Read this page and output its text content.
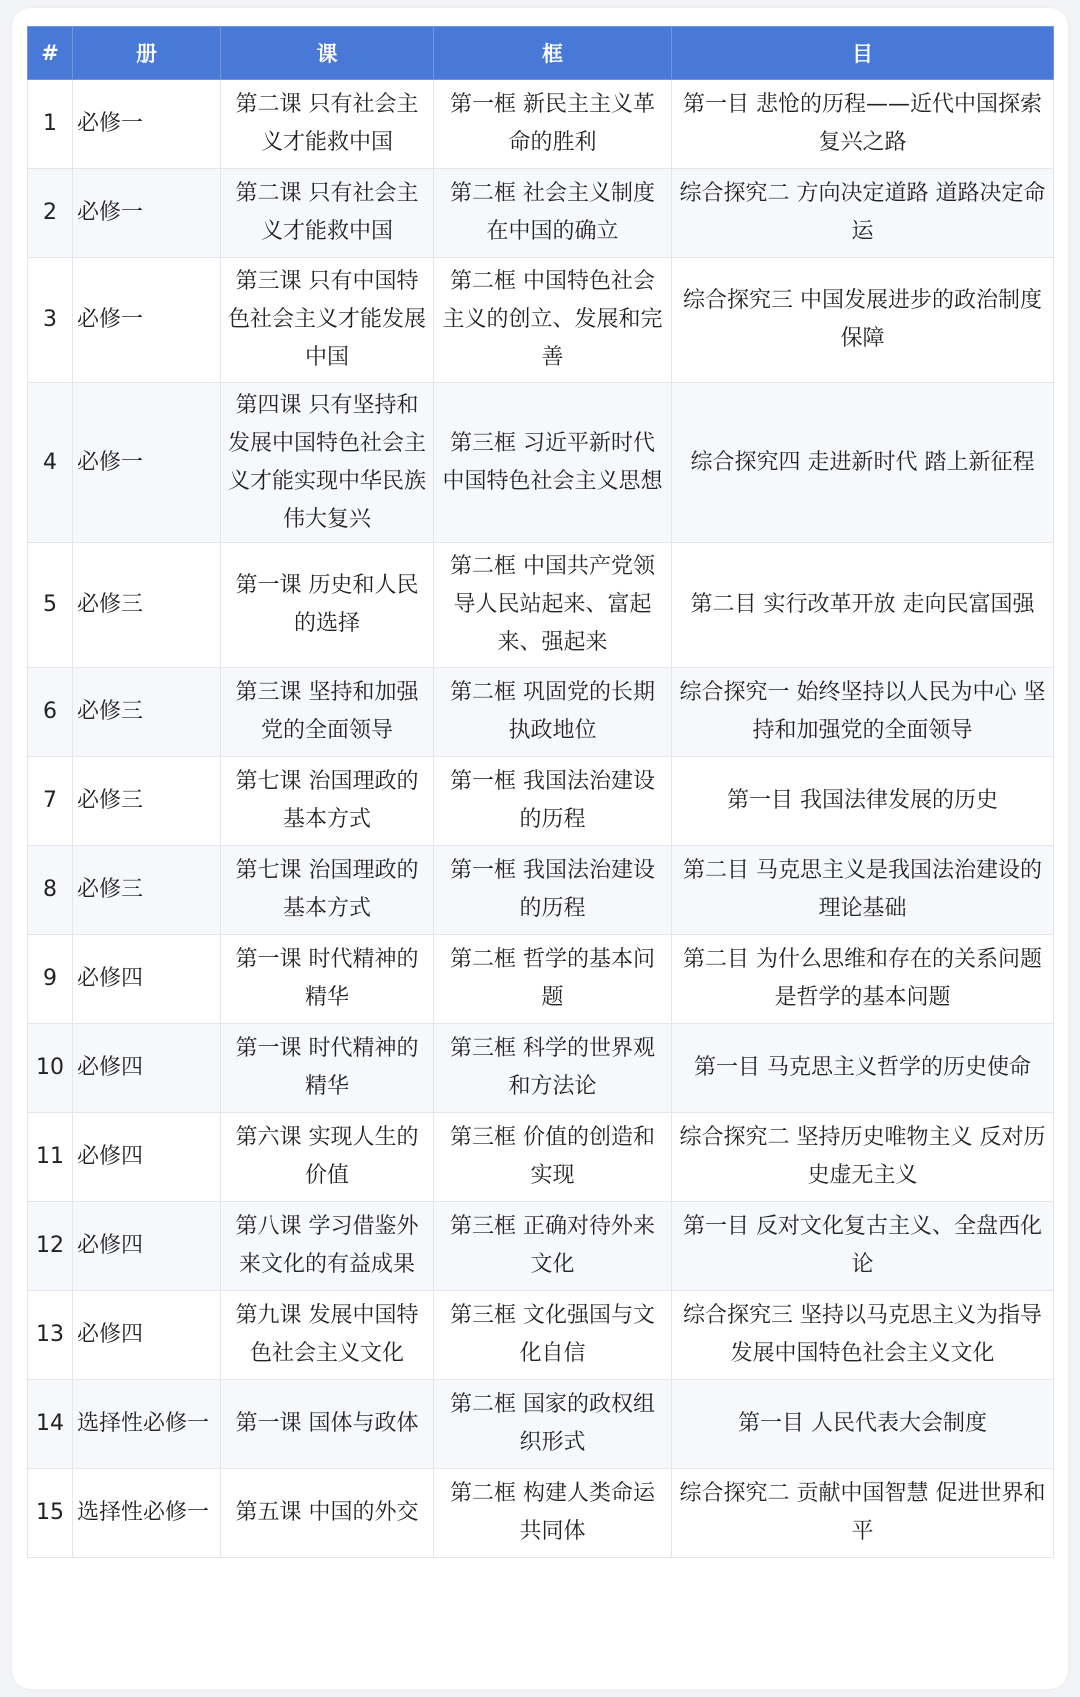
#	册	课	框	目
1	必修一	第二课 只有社会主义才能救中国	第一框 新民主主义革命的胜利	第一目 悲怆的历程——近代中国探索复兴之路
2	必修一	第二课 只有社会主义才能救中国	第二框 社会主义制度在中国的确立	综合探究二 方向决定道路 道路决定命运
3	必修一	第三课 只有中国特色社会主义才能发展中国	第二框 中国特色社会主义的创立、发展和完善	综合探究三 中国发展进步的政治制度保障
4	必修一	第四课 只有坚持和发展中国特色社会主义才能实现中华民族伟大复兴	第三框 习近平新时代中国特色社会主义思想	综合探究四 走进新时代 踏上新征程
5	必修三	第一课 历史和人民的选择	第二框 中国共产党领导人民站起来、富起来、强起来	第二目 实行改革开放 走向民富国强
6	必修三	第三课 坚持和加强党的全面领导	第二框 巩固党的长期执政地位	综合探究一 始终坚持以人民为中心 坚持和加强党的全面领导
7	必修三	第七课 治国理政的基本方式	第一框 我国法治建设的历程	第一目 我国法律发展的历史
8	必修三	第七课 治国理政的基本方式	第一框 我国法治建设的历程	第二目 马克思主义是我国法治建设的理论基础
9	必修四	第一课 时代精神的精华	第二框 哲学的基本问题	第二目 为什么思维和存在的关系问题是哲学的基本问题
10	必修四	第一课 时代精神的精华	第三框 科学的世界观和方法论	第一目 马克思主义哲学的历史使命
11	必修四	第六课 实现人生的价值	第三框 价值的创造和实现	综合探究二 坚持历史唯物主义 反对历史虚无主义
12	必修四	第八课 学习借鉴外来文化的有益成果	第三框 正确对待外来文化	第一目 反对文化复古主义、全盘西化论
13	必修四	第九课 发展中国特色社会主义文化	第三框 文化强国与文化自信	综合探究三 坚持以马克思主义为指导 发展中国特色社会主义文化
14	选择性必修一	第一课 国体与政体	第二框 国家的政权组织形式	第一目 人民代表大会制度
15	选择性必修一	第五课 中国的外交	第二框 构建人类命运共同体	综合探究二 贡献中国智慧 促进世界和平
